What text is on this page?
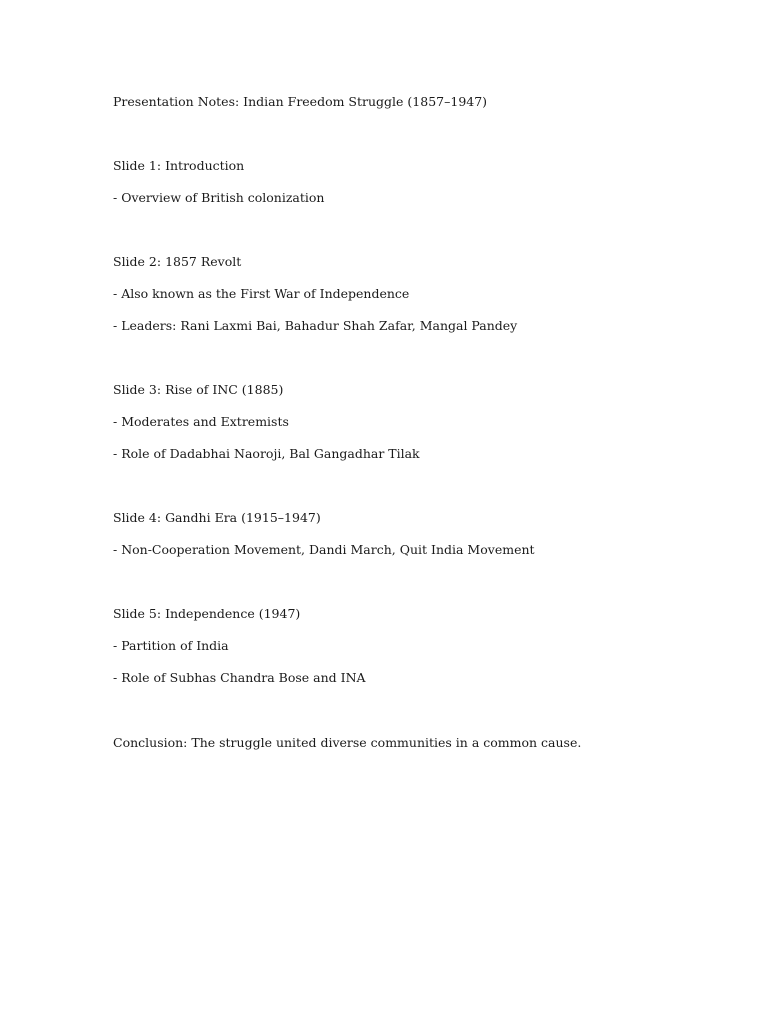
Presentation Notes: Indian Freedom Struggle (1857–1947)

Slide 1: Introduction

- Overview of British colonization

Slide 2: 1857 Revolt

- Also known as the First War of Independence

- Leaders: Rani Laxmi Bai, Bahadur Shah Zafar, Mangal Pandey

Slide 3: Rise of INC (1885)

- Moderates and Extremists

- Role of Dadabhai Naoroji, Bal Gangadhar Tilak

Slide 4: Gandhi Era (1915–1947)

- Non-Cooperation Movement, Dandi March, Quit India Movement

Slide 5: Independence (1947)

- Partition of India

- Role of Subhas Chandra Bose and INA

Conclusion: The struggle united diverse communities in a common cause.
